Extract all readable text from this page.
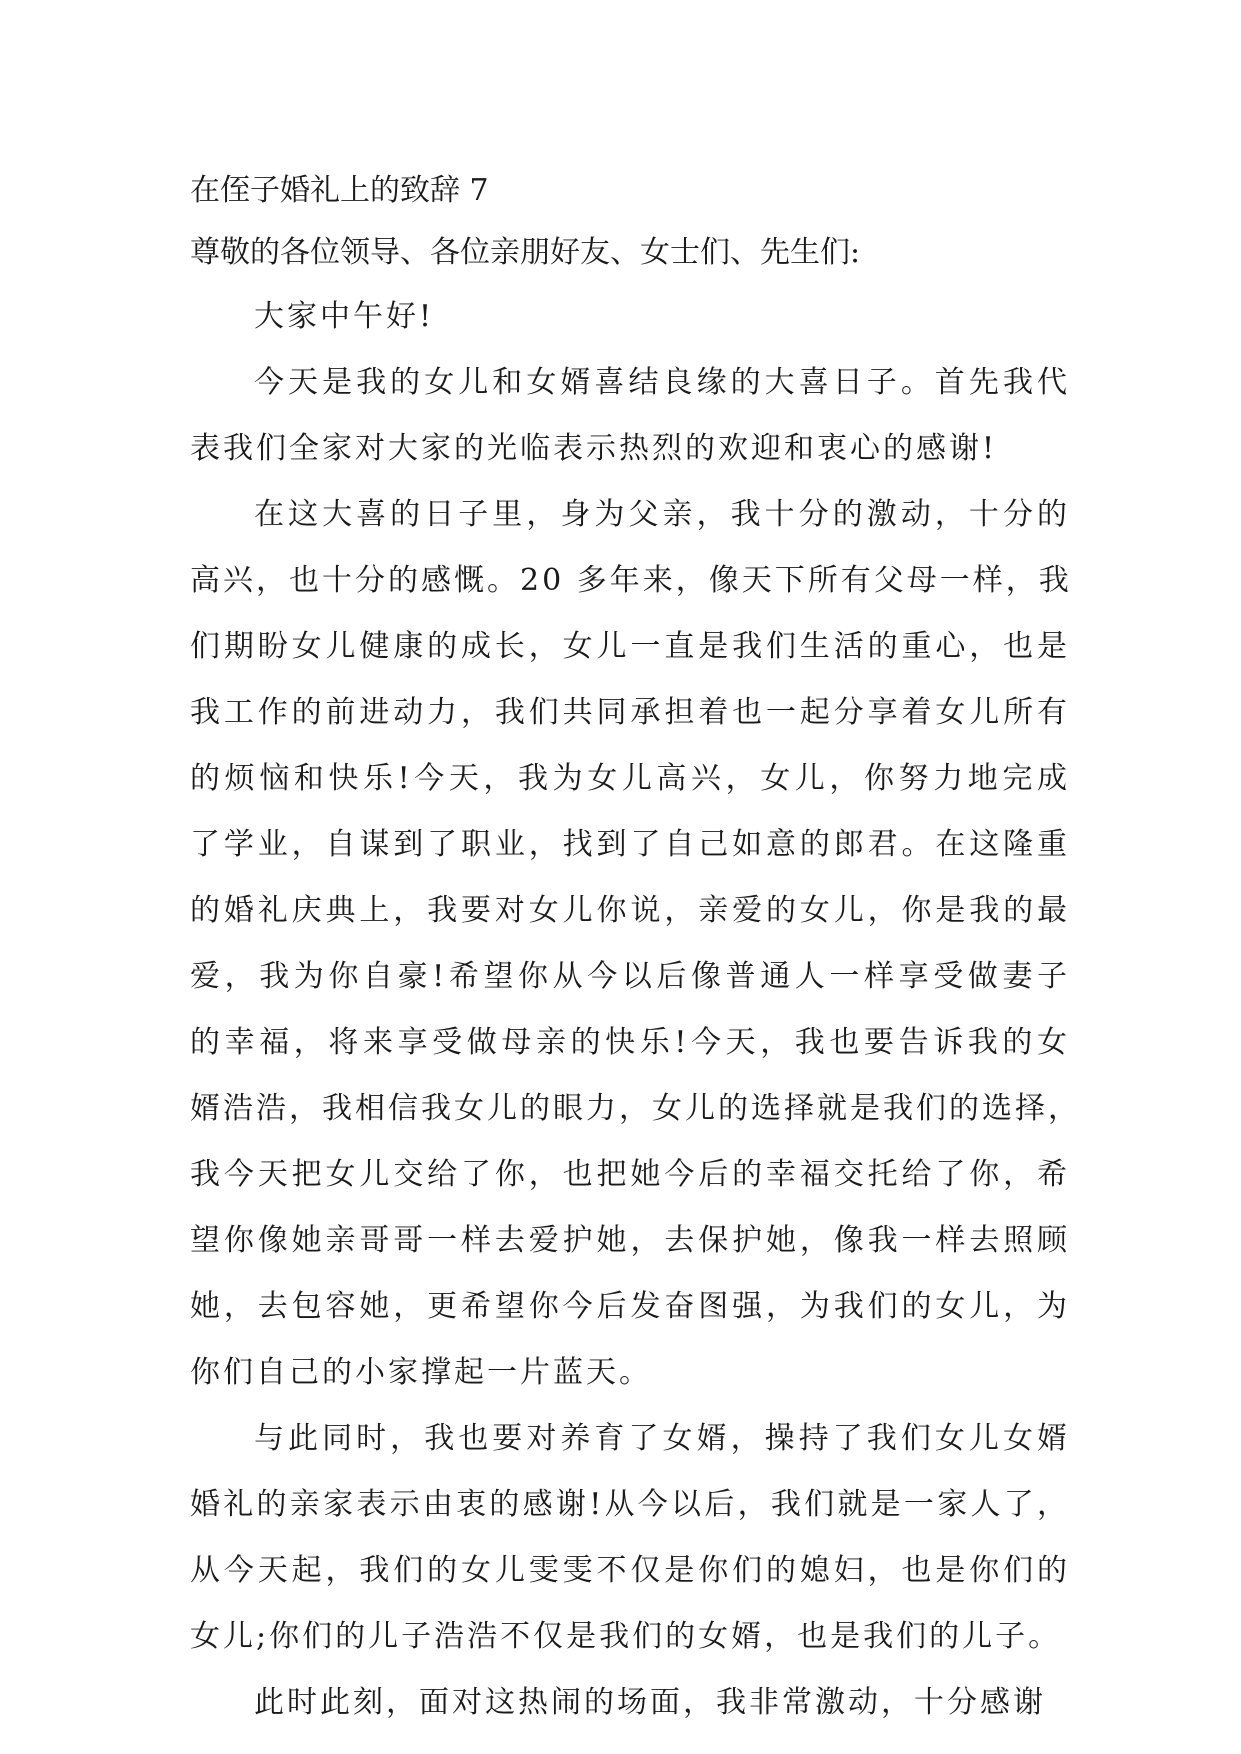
在侄子婚礼上的致辞 7

尊敬的各位领导、各位亲朋好友、女士们、先生们:

大家中午好!

今天是我的女儿和女婿喜结良缘的大喜日子。首先我代
表我们全家对大家的光临表示热烈的欢迎和衷心的感谢!

在这大喜的日子里，身为父亲，我十分的激动，十分的
高兴，也十分的感慨。20 多年来，像天下所有父母一样，我
们期盼女儿健康的成长，女儿一直是我们生活的重心，也是
我工作的前进动力，我们共同承担着也一起分享着女儿所有
的烦恼和快乐!今天，我为女儿高兴，女儿，你努力地完成
了学业，自谋到了职业，找到了自己如意的郎君。在这隆重
的婚礼庆典上，我要对女儿你说，亲爱的女儿，你是我的最
爱，我为你自豪!希望你从今以后像普通人一样享受做妻子
的幸福，将来享受做母亲的快乐!今天，我也要告诉我的女
婿浩浩，我相信我女儿的眼力，女儿的选择就是我们的选择，
我今天把女儿交给了你，也把她今后的幸福交托给了你，希
望你像她亲哥哥一样去爱护她，去保护她，像我一样去照顾
她，去包容她，更希望你今后发奋图强，为我们的女儿，为
你们自己的小家撑起一片蓝天。

与此同时，我也要对养育了女婿，操持了我们女儿女婿
婚礼的亲家表示由衷的感谢!从今以后，我们就是一家人了，
从今天起，我们的女儿雯雯不仅是你们的媳妇，也是你们的
女儿;你们的儿子浩浩不仅是我们的女婿，也是我们的儿子。

此时此刻，面对这热闹的场面，我非常激动，十分感谢
